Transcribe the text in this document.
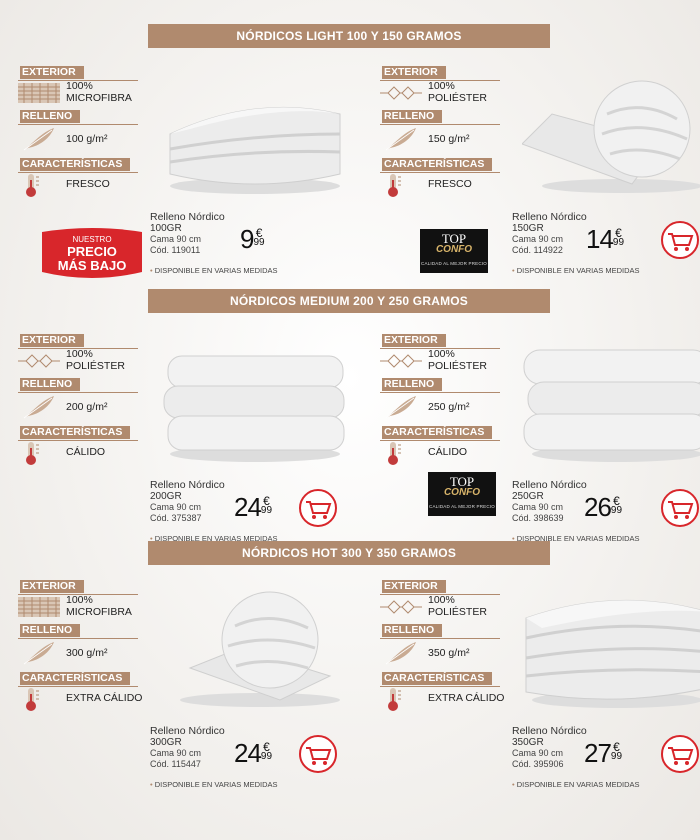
NÓRDICOS LIGHT 100 Y 150 GRAMOS
NÓRDICOS MEDIUM 200 Y 250 GRAMOS
NÓRDICOS HOT 300 Y 350 GRAMOS
EXTERIOR
100%
MICROFIBRA
RELLENO
100 g/m²
CARACTERÍSTICAS
FRESCO
NUESTRO
PRECIO
MÁS BAJO
Relleno Nórdico
100GR
Cama 90 cm
Cód. 119011	9 €
99
• DISPONIBLE EN VARIAS MEDIDAS
EXTERIOR
100%
POLIÉSTER
RELLENO
150 g/m²
CARACTERÍSTICAS
FRESCO
TOP
CONFO
CALIDAD AL MEJOR PRECIO
Relleno Nórdico
150GR
Cama 90 cm
Cód. 114922 14 €
99
• DISPONIBLE EN VARIAS MEDIDAS
EXTERIOR
100%
POLIÉSTER
RELLENO
200 g/m²
CARACTERÍSTICAS
CÁLIDO
Relleno Nórdico
200GR
Cama 90 cm
Cód. 375387	24 €
99
• DISPONIBLE EN VARIAS MEDIDAS
EXTERIOR
100%
POLIÉSTER
RELLENO
250 g/m²
CARACTERÍSTICAS
CÁLIDO
TOP
CONFO
CALIDAD AL MEJOR PRECIO
Relleno Nórdico
250GR
Cama 90 cm
Cód. 398639 26 €
99
• DISPONIBLE EN VARIAS MEDIDAS
EXTERIOR
100%
MICROFIBRA
RELLENO
300 g/m²
CARACTERÍSTICAS
EXTRA CÁLIDO
Relleno Nórdico
300GR
Cama 90 cm
Cód. 115447	24 €
99
• DISPONIBLE EN VARIAS MEDIDAS
EXTERIOR
100%
POLIÉSTER
RELLENO
350 g/m²
CARACTERÍSTICAS
EXTRA CÁLIDO
Relleno Nórdico
350GR
Cama 90 cm
Cód. 395906 27 €
99
• DISPONIBLE EN VARIAS MEDIDAS
